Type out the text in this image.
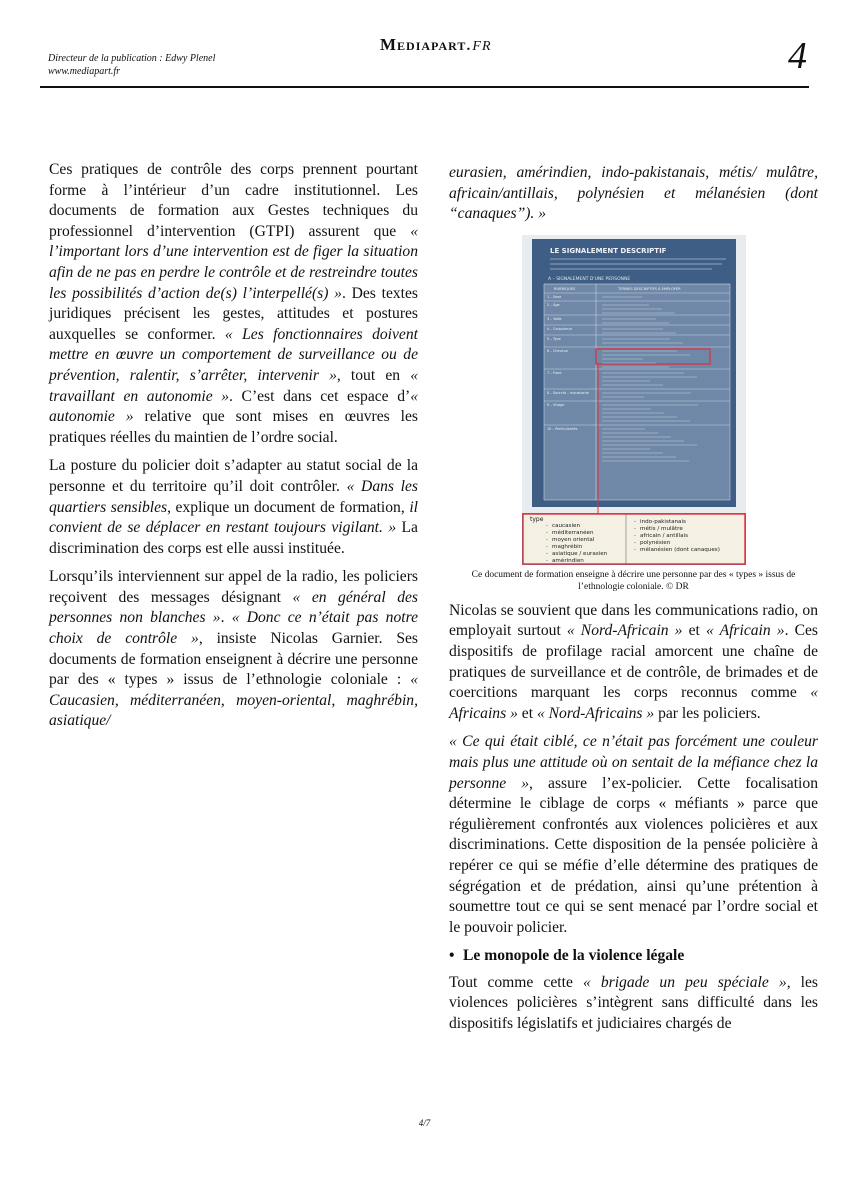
Directeur de la publication : Edwy Plenel
www.mediapart.fr
Mediapart.fr	4

Ces pratiques de contrôle des corps prennent pourtant forme à l’intérieur d’un cadre institutionnel. Les documents de formation aux Gestes techniques du professionnel d’intervention (GTPI) assurent que « l’important lors d’une intervention est de figer la situation afin de ne pas en perdre le contrôle et de restreindre toutes les possibilités d’action de(s) l’interpellé(s) ». Des textes juridiques précisent les gestes, attitudes et postures auxquelles se conformer. « Les fonctionnaires doivent mettre en œuvre un comportement de surveillance ou de prévention, ralentir, s’arrêter, intervenir », tout en « travaillant en autonomie ». C’est dans cet espace d’« autonomie » relative que sont mises en œuvres les pratiques réelles du maintien de l’ordre social.

La posture du policier doit s’adapter au statut social de la personne et du territoire qu’il doit contrôler. « Dans les quartiers sensibles, explique un document de formation, il convient de se déplacer en restant toujours vigilant. » La discrimination des corps est elle aussi instituée.

Lorsqu’ils interviennent sur appel de la radio, les policiers reçoivent des messages désignant « en général des personnes non blanches ». « Donc ce n’était pas notre choix de contrôle », insiste Nicolas Garnier. Ses documents de formation enseignent à décrire une personne par des « types » issus de l’ethnologie coloniale : « Caucasien, méditerranéen, moyen-oriental, maghrébin, asiatique/

eurasien, amérindien, indo-pakistanais, métis/ mulâtre, africain/antillais, polynésien et mélanésien (dont “canaques”). »

LE SIGNALEMENT DESCRIPTIF
A – SIGNALEMENT D'UNE PERSONNE
RUBRIQUES	TERMES DESCRIPTIFS À EMPLOYER
1 – Sexe
2 – Âge
3 – Taille
4 – Corpulence
5 – Type
6 – Cheveux
7 – Front
8 – Sourcils – moustache
9 – Visage
10 – Particularités
type
- caucasien
- méditerranéen
- moyen oriental
- maghrébin
- asiatique / eurasien
- amérindien
- indo-pakistanais
- métis / mulâtre
- africain / antillais
- polynésien
- mélanésien (dont canaques)
Ce document de formation enseigne à décrire une personne par des « types » issus de l’ethnologie coloniale. © DR

Nicolas se souvient que dans les communications radio, on employait surtout « Nord-Africain » et « Africain ». Ces dispositifs de profilage racial amorcent une chaîne de pratiques de surveillance et de contrôle, de brimades et de coercitions marquant les corps reconnus comme « Africains » et « Nord-Africains » par les policiers.

« Ce qui était ciblé, ce n’était pas forcément une couleur mais plus une attitude où on sentait de la méfiance chez la personne », assure l’ex-policier. Cette focalisation détermine le ciblage de corps « méfiants » parce que régulièrement confrontés aux violences policières et aux discriminations. Cette disposition de la pensée policière à repérer ce qui se méfie d’elle détermine des pratiques de ségrégation et de prédation, ainsi qu’une prétention à soumettre tout ce qui se sent menacé par l’ordre social et le pouvoir policier.

• Le monopole de la violence légale

Tout comme cette « brigade un peu spéciale », les violences policières s’intègrent sans difficulté dans les dispositifs législatifs et judiciaires chargés de

4/7
